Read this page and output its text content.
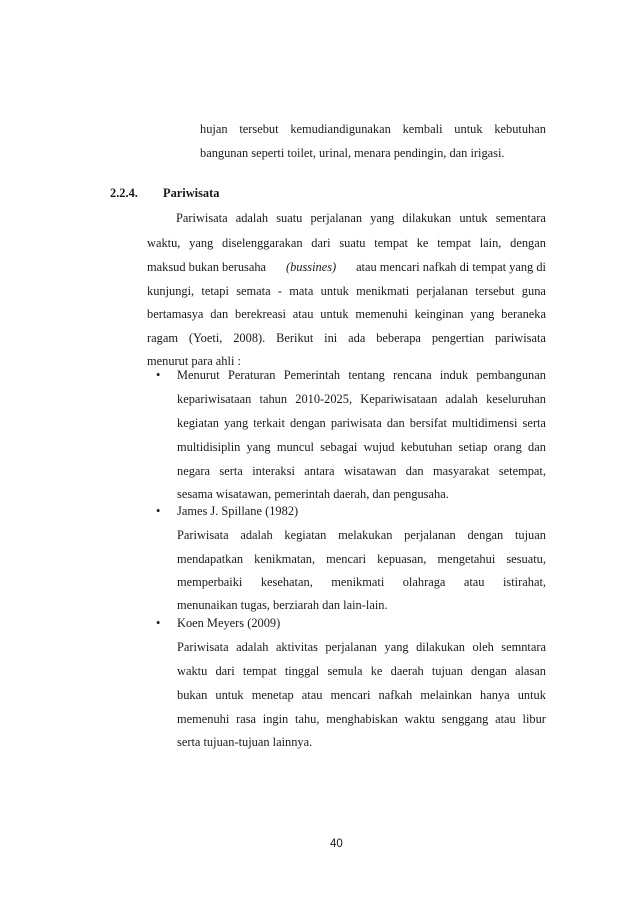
hujan tersebut kemudiandigunakan kembali untuk kebutuhan
bangunan seperti toilet, urinal, menara pendingin, dan irigasi.
2.2.4. Pariwisata
Pariwisata adalah suatu perjalanan yang dilakukan untuk sementara
waktu, yang diselenggarakan dari suatu tempat ke tempat lain, dengan
maksud bukan berusaha (bussines) atau mencari nafkah di tempat yang di
kunjungi, tetapi semata - mata untuk menikmati perjalanan tersebut guna
bertamasya dan berekreasi atau untuk memenuhi keinginan yang beraneka
ragam (Yoeti, 2008). Berikut ini ada beberapa pengertian pariwisata
menurut para ahli :
• Menurut Peraturan Pemerintah tentang rencana induk pembangunan
kepariwisataan tahun 2010-2025, Kepariwisataan adalah keseluruhan
kegiatan yang terkait dengan pariwisata dan bersifat multidimensi serta
multidisiplin yang muncul sebagai wujud kebutuhan setiap orang dan
negara serta interaksi antara wisatawan dan masyarakat setempat,
sesama wisatawan, pemerintah daerah, dan pengusaha.
• James J. Spillane (1982)
Pariwisata adalah kegiatan melakukan perjalanan dengan tujuan
mendapatkan kenikmatan, mencari kepuasan, mengetahui sesuatu,
memperbaiki kesehatan, menikmati olahraga atau istirahat,
menunaikan tugas, berziarah dan lain-lain.
• Koen Meyers (2009)
Pariwisata adalah aktivitas perjalanan yang dilakukan oleh semntara
waktu dari tempat tinggal semula ke daerah tujuan dengan alasan
bukan untuk menetap atau mencari nafkah melainkan hanya untuk
memenuhi rasa ingin tahu, menghabiskan waktu senggang atau libur
serta tujuan-tujuan lainnya.
40
